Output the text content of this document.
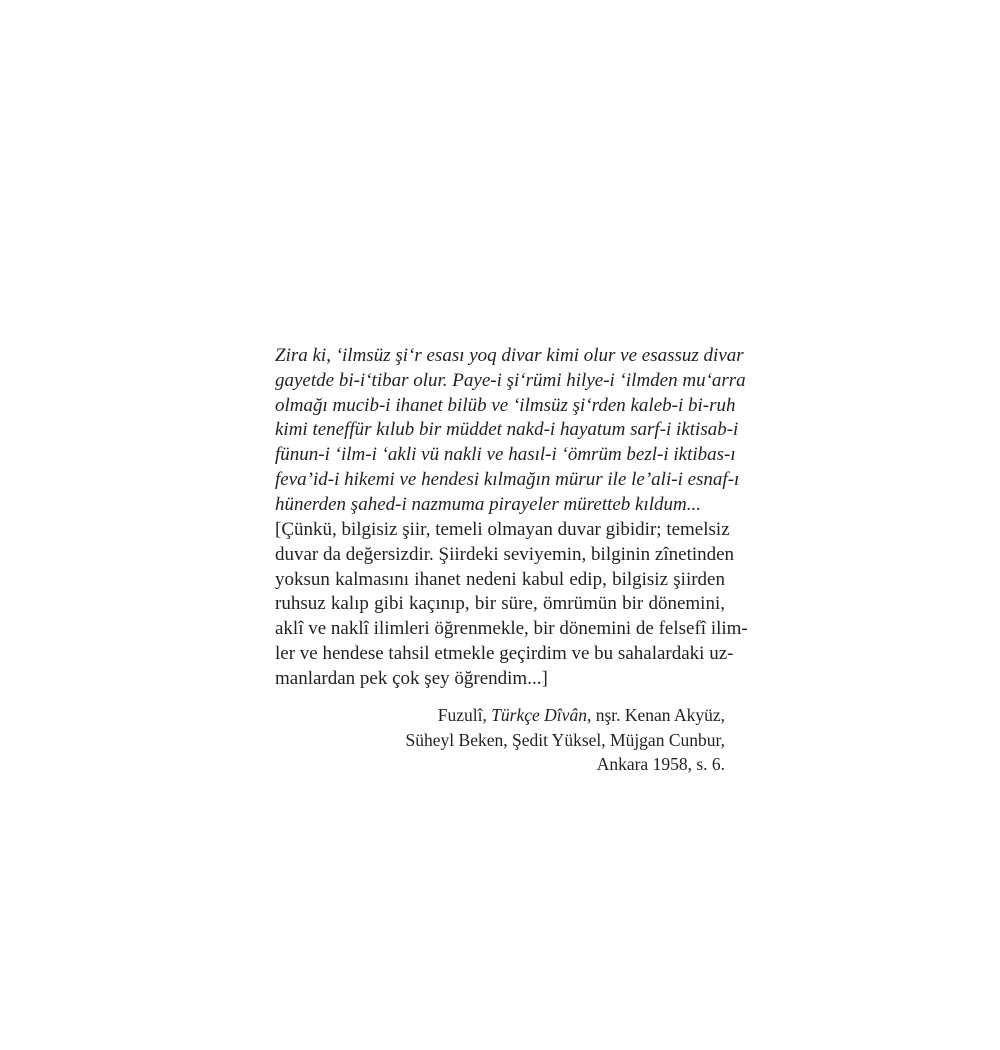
Zira ki, ‘ilmsüz şi‘r esası yoq divar kimi olur ve esassuz divar
gayetde bi-i‘tibar olur. Paye-i şi‘rümi hilye-i ‘ilmden mu‘arra
olmağı mucib-i ihanet bilüb ve ‘ilmsüz şi‘rden kaleb-i bi-ruh
kimi teneffür kılub bir müddet nakd-i hayatum sarf-i iktisab-i
fünun-i ‘ilm-i ‘akli vü nakli ve hasıl-i ‘ömrüm bezl-i iktibas-ı
feva’id-i hikemi ve hendesi kılmağın mürur ile le’ali-i esnaf-ı
hünerden şahed-i nazmuma pirayeler müretteb kıldum...
[Çünkü, bilgisiz şiir, temeli olmayan duvar gibidir; temelsiz
duvar da değersizdir. Şiirdeki seviyemin, bilginin zînetinden
yoksun kalmasını ihanet nedeni kabul edip, bilgisiz şiirden
ruhsuz kalıp gibi kaçınıp, bir süre, ömrümün bir dönemini,
aklî ve naklî ilimleri öğrenmekle, bir dönemini de felsefî ilim-
ler ve hendese tahsil etmekle geçirdim ve bu sahalardaki uz-
manlardan pek çok şey öğrendim...]
Fuzulî, Türkçe Dîvân, nşr. Kenan Akyüz,
Süheyl Beken, Şedit Yüksel, Müjgan Cunbur,
Ankara 1958, s. 6.
